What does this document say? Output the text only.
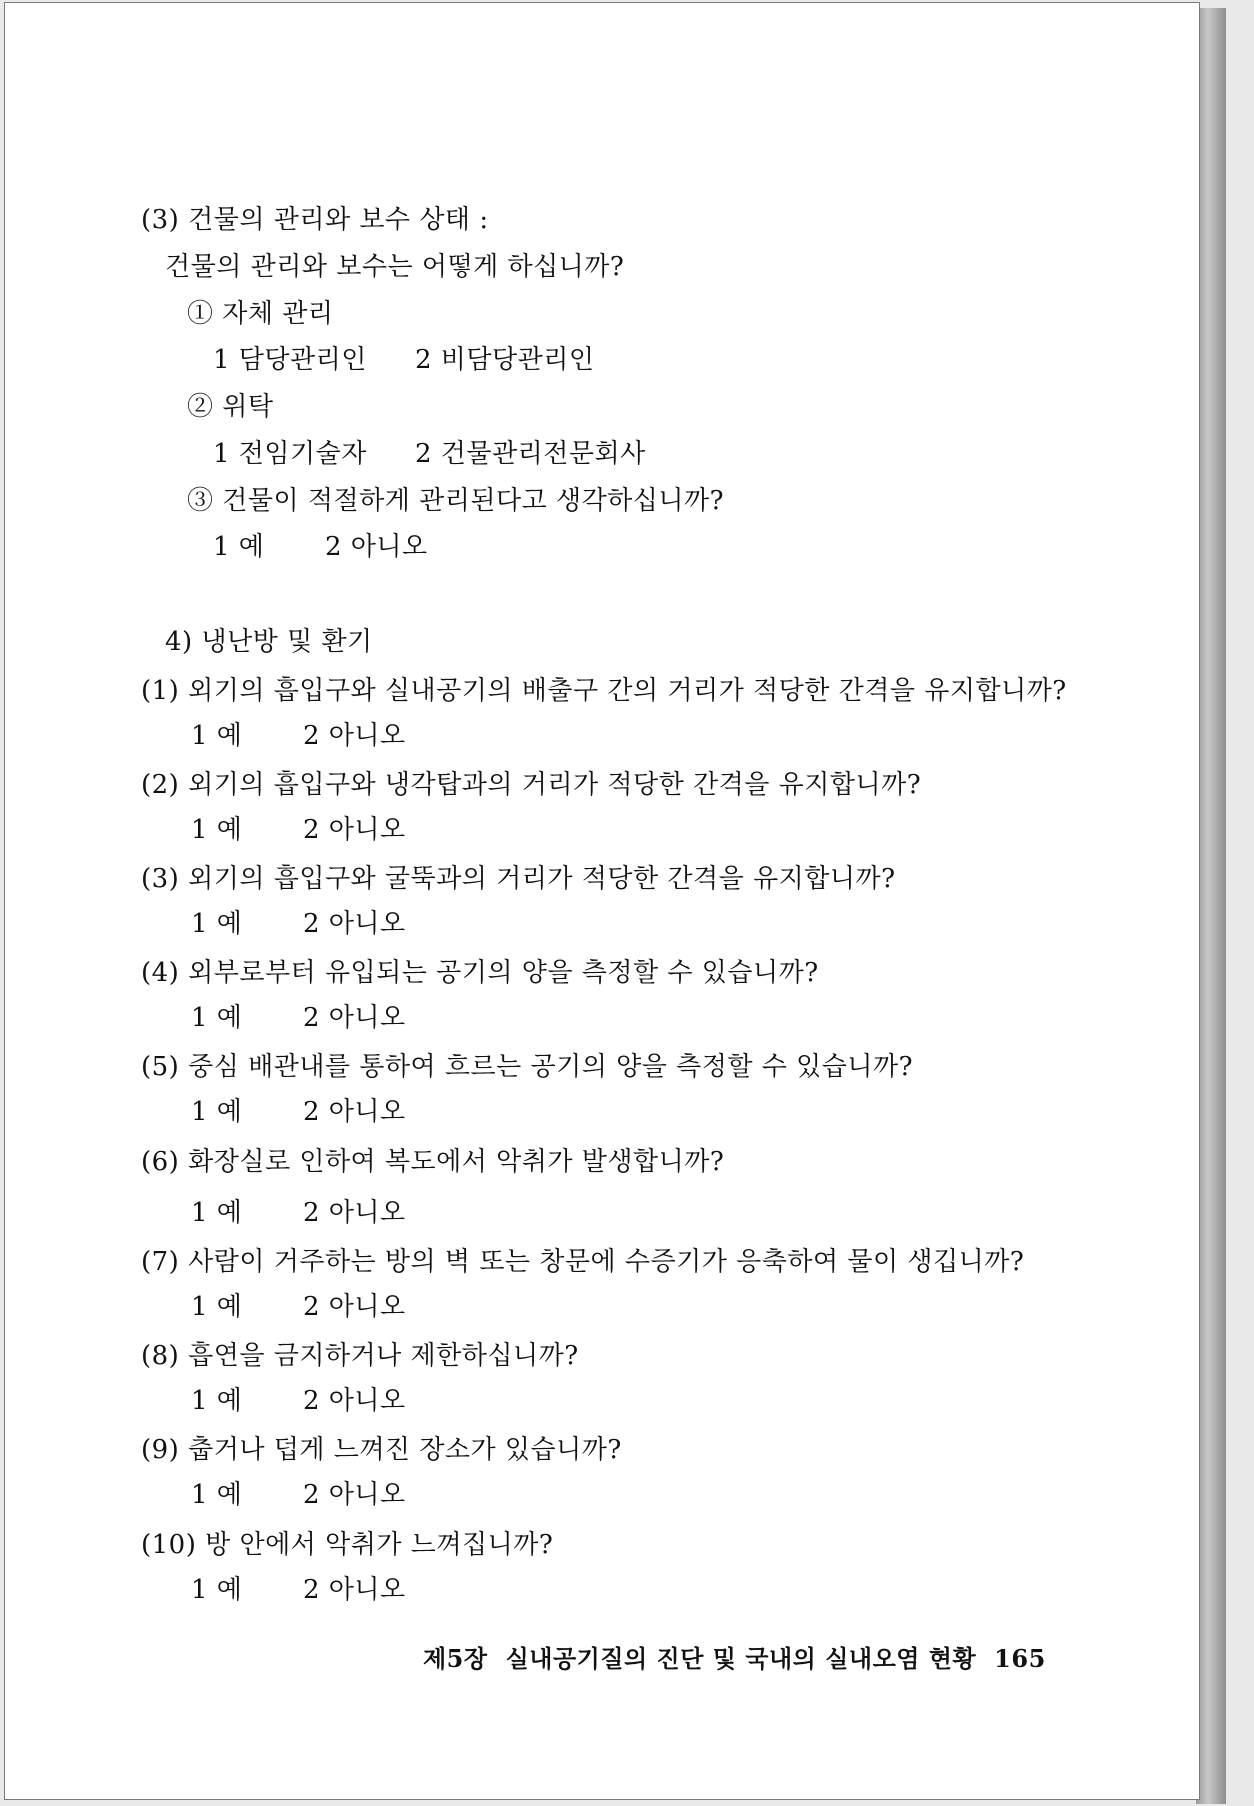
(3) 건물의 관리와 보수 상태 :
건물의 관리와 보수는 어떻게 하십니까?
① 자체 관리
1 담당관리인 2 비담당관리인
② 위탁
1 전임기술자 2 건물관리전문회사
③ 건물이 적절하게 관리된다고 생각하십니까?
1 예 2 아니오
4) 냉난방 및 환기
(1) 외기의 흡입구와 실내공기의 배출구 간의 거리가 적당한 간격을 유지합니까?
1 예 2 아니오
(2) 외기의 흡입구와 냉각탑과의 거리가 적당한 간격을 유지합니까?
1 예 2 아니오
(3) 외기의 흡입구와 굴뚝과의 거리가 적당한 간격을 유지합니까?
1 예 2 아니오
(4) 외부로부터 유입되는 공기의 양을 측정할 수 있습니까?
1 예 2 아니오
(5) 중심 배관내를 통하여 흐르는 공기의 양을 측정할 수 있습니까?
1 예 2 아니오
(6) 화장실로 인하여 복도에서 악취가 발생합니까?
1 예 2 아니오
(7) 사람이 거주하는 방의 벽 또는 창문에 수증기가 응축하여 물이 생깁니까?
1 예 2 아니오
(8) 흡연을 금지하거나 제한하십니까?
1 예 2 아니오
(9) 춥거나 덥게 느껴진 장소가 있습니까?
1 예 2 아니오
(10) 방 안에서 악취가 느껴집니까?
1 예 2 아니오
제5장 실내공기질의 진단 및 국내의 실내오염 현황 165
